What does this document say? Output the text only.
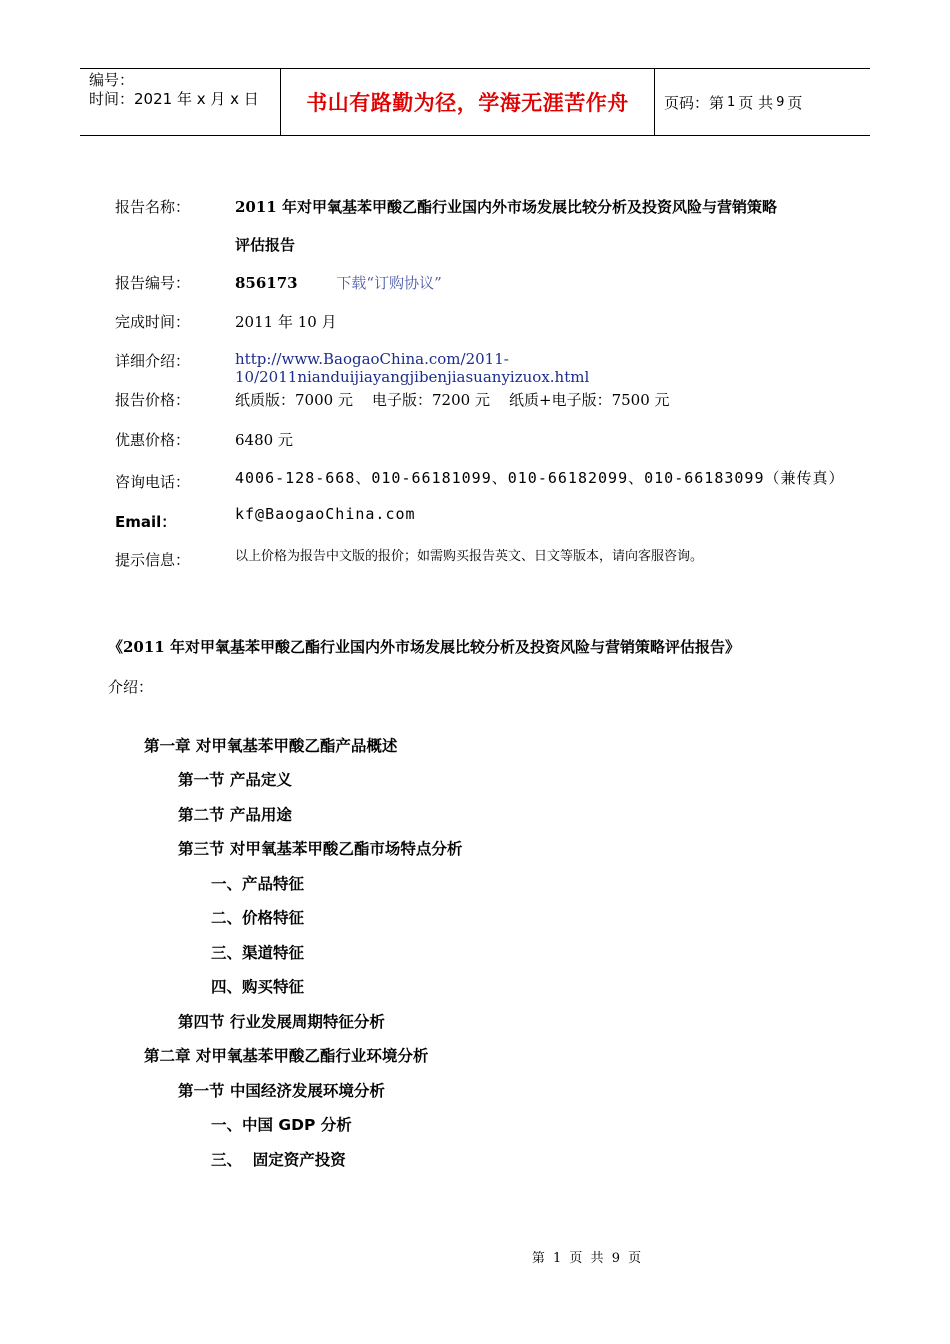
编号：
时间：2021 年 x 月 x 日	书山有路勤为径，学海无涯苦作舟 页码：第 1 页 共 9 页
报告名称：	2011 年对甲氧基苯甲酸乙酯行业国内外市场发展比较分析及投资风险与营销策略
评估报告
报告编号：	856173	下载“订购协议”
完成时间：	2011 年 10 月
详细介绍：	http://www.BaogaoChina.com/2011-10/2011nianduijiayangjibenjiasuanyizuox.html
报告价格：	纸质版：7000 元    电子版：7200 元    纸质+电子版：7500 元
优惠价格：	6480 元
咨询电话：	4006-128-668、010-66181099、010-66182099、010-66183099（兼传真）
Email：	kf@BaogaoChina.com
提示信息：	以上价格为报告中文版的报价；如需购买报告英文、日文等版本，请向客服咨询。
《2011 年对甲氧基苯甲酸乙酯行业国内外市场发展比较分析及投资风险与营销策略评估报告》
介绍：
第一章 对甲氧基苯甲酸乙酯产品概述
第一节 产品定义
第二节 产品用途
第三节 对甲氧基苯甲酸乙酯市场特点分析
一、产品特征
二、价格特征
三、渠道特征
四、购买特征
第四节 行业发展周期特征分析
第二章 对甲氧基苯甲酸乙酯行业环境分析
第一节 中国经济发展环境分析
一、中国 GDP 分析
三、  固定资产投资
第 1 页 共 9 页
